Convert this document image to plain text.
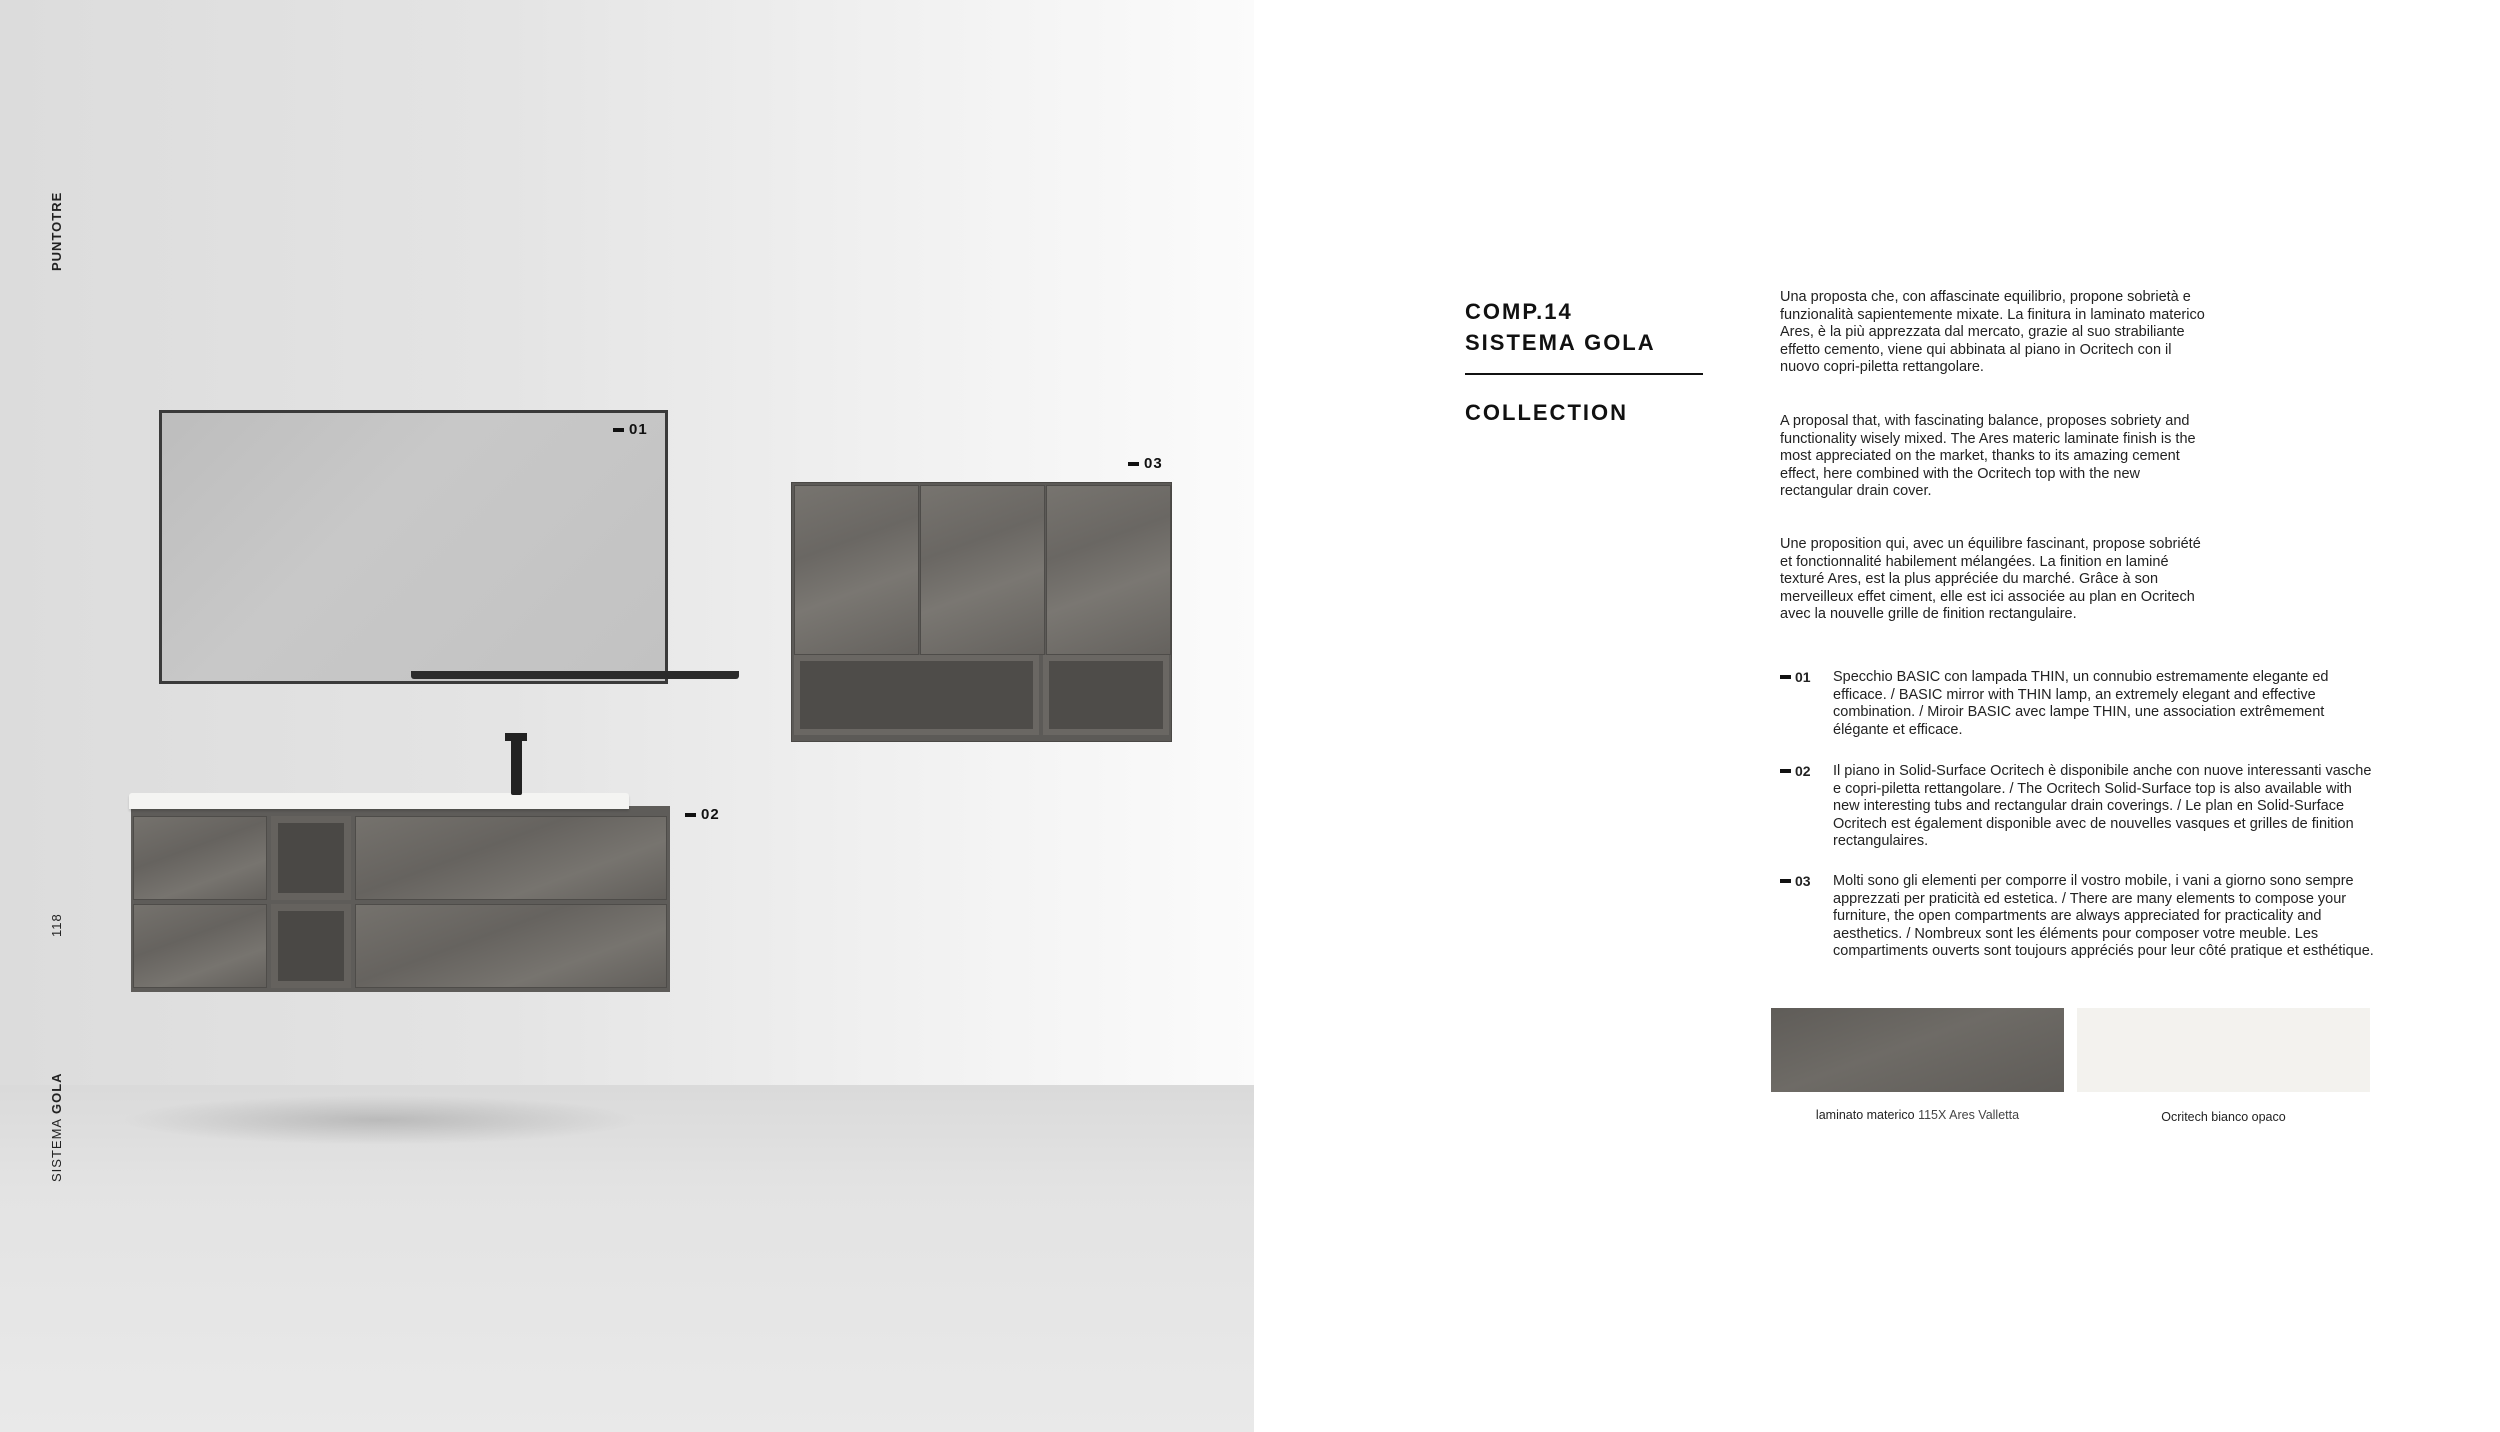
01
03
02
PUNTOTRE
118
SISTEMA GOLA
COMP.14
SISTEMA GOLA
COLLECTION
Una proposta che, con affascinate equilibrio, propone sobrietà e funzionalità sapientemente mixate. La finitura in laminato materico Ares, è la più apprezzata dal mercato, grazie al suo strabiliante effetto cemento, viene qui abbinata al piano in Ocritech con il nuovo copri-piletta rettangolare.
A proposal that, with fascinating balance, proposes sobriety and functionality wisely mixed. The Ares materic laminate finish is the most appreciated on the market, thanks to its amazing cement effect, here combined with the Ocritech top with the new rectangular drain cover.
Une proposition qui, avec un équilibre fascinant, propose sobriété et fonctionnalité habilement mélangées. La finition en laminé texturé Ares, est la plus appréciée du marché. Grâce à son merveilleux effet ciment, elle est ici associée au plan en Ocritech avec la nouvelle grille de finition rectangulaire.
01 Specchio BASIC con lampada THIN, un connubio estremamente elegante ed efficace. / BASIC mirror with THIN lamp, an extremely elegant and effective combination. / Miroir BASIC avec lampe THIN, une association extrêmement élégante et efficace.
02 Il piano in Solid-Surface Ocritech è disponibile anche con nuove interessanti vasche e copri-piletta rettangolare. / The Ocritech Solid-Surface top is also available with new interesting tubs and rectangular drain coverings. / Le plan en Solid-Surface Ocritech est également disponible avec de nouvelles vasques et grilles de finition rectangulaires.
03 Molti sono gli elementi per comporre il vostro mobile, i vani a giorno sono sempre apprezzati per praticità ed estetica. / There are many elements to compose your furniture, the open compartments are always appreciated for practicality and aesthetics. / Nombreux sont les éléments pour composer votre meuble. Les compartiments ouverts sont toujours appréciés pour leur côté pratique et esthétique.
laminato materico 115X Ares Valletta	Ocritech bianco opaco
